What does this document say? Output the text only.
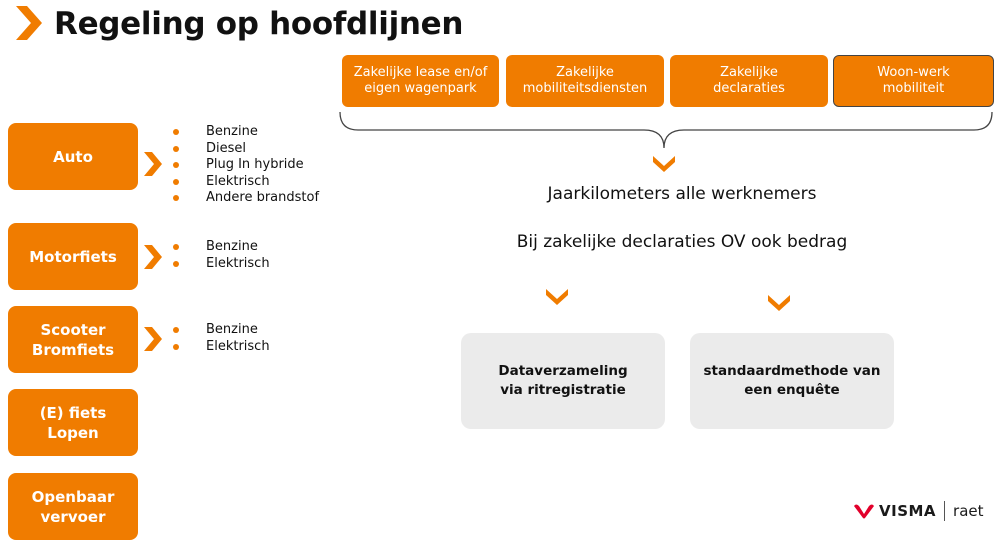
Regeling op hoofdlijnen
Auto
Motorfiets
Scooter
Bromfiets
(E) fiets
Lopen
Openbaar
vervoer
Benzine
Diesel
Plug In hybride
Elektrisch
Andere brandstof
Benzine
Elektrisch
Benzine
Elektrisch
Zakelijke lease en/of
eigen wagenpark
Zakelijke
mobiliteitsdiensten
Zakelijke
declaraties
Woon-werk
mobiliteit
Jaarkilometers alle werknemers
Bij zakelijke declaraties OV ook bedrag
Dataverzameling
via ritregistratie
standaardmethode van
een enquête
VISMA raet
